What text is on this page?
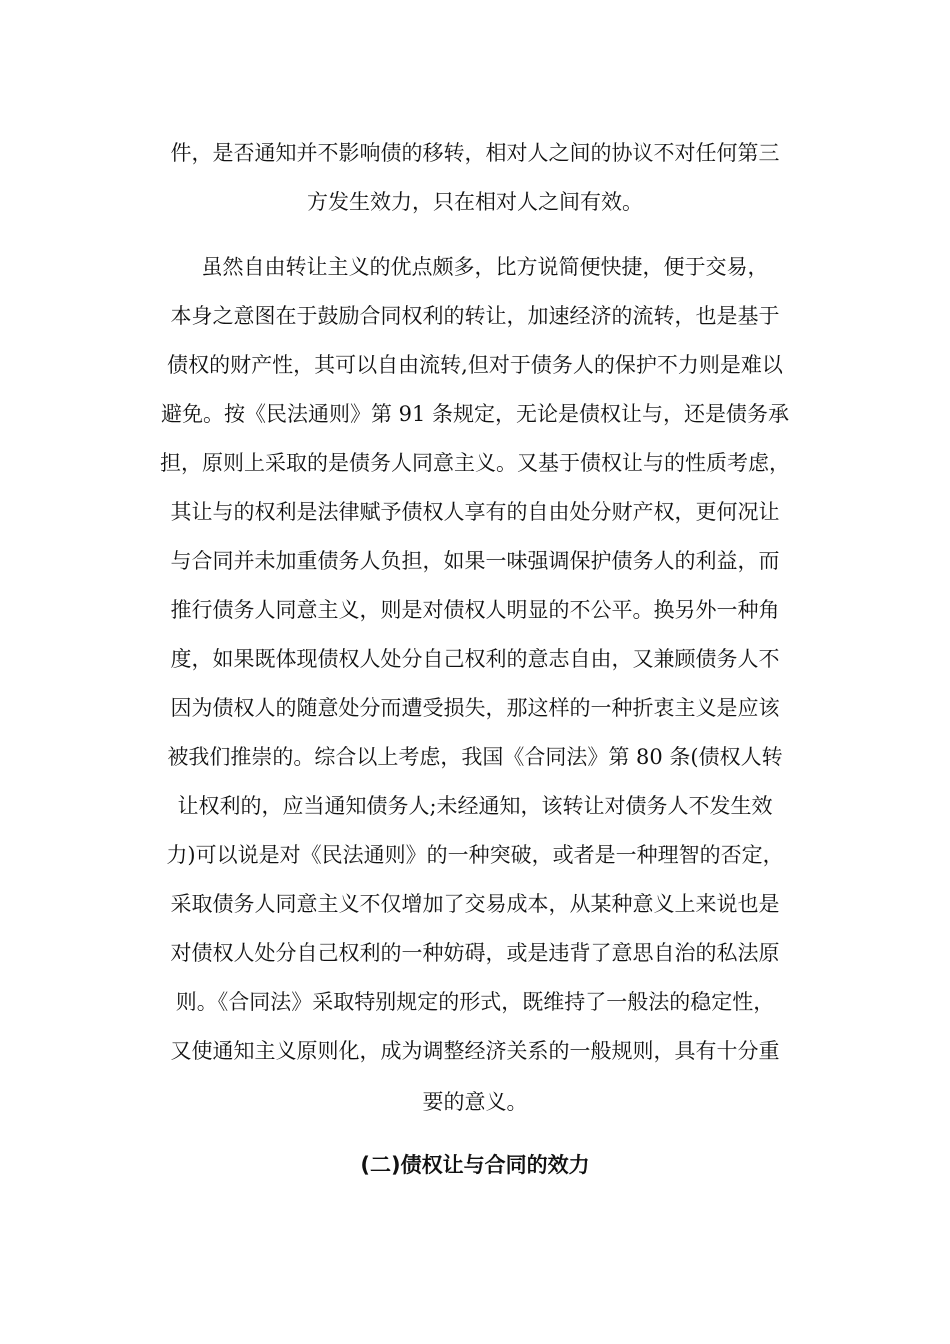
件，是否通知并不影响债的移转，相对人之间的协议不对任何第三
方发生效力，只在相对人之间有效。
虽然自由转让主义的优点颇多，比方说简便快捷，便于交易，
本身之意图在于鼓励合同权利的转让，加速经济的流转，也是基于
债权的财产性，其可以自由流转,但对于债务人的保护不力则是难以
避免。按《民法通则》第 91 条规定，无论是债权让与，还是债务承
担，原则上采取的是债务人同意主义。又基于债权让与的性质考虑，
其让与的权利是法律赋予债权人享有的自由处分财产权，更何况让
与合同并未加重债务人负担，如果一味强调保护债务人的利益，而
推行债务人同意主义，则是对债权人明显的不公平。换另外一种角
度，如果既体现债权人处分自己权利的意志自由，又兼顾债务人不
因为债权人的随意处分而遭受损失，那这样的一种折衷主义是应该
被我们推崇的。综合以上考虑，我国《合同法》第 80 条(债权人转
让权利的，应当通知债务人;未经通知，该转让对债务人不发生效
力)可以说是对《民法通则》的一种突破，或者是一种理智的否定，
采取债务人同意主义不仅增加了交易成本，从某种意义上来说也是
对债权人处分自己权利的一种妨碍，或是违背了意思自治的私法原
则。《合同法》采取特别规定的形式，既维持了一般法的稳定性，
又使通知主义原则化，成为调整经济关系的一般规则，具有十分重
要的意义。
(二)债权让与合同的效力
